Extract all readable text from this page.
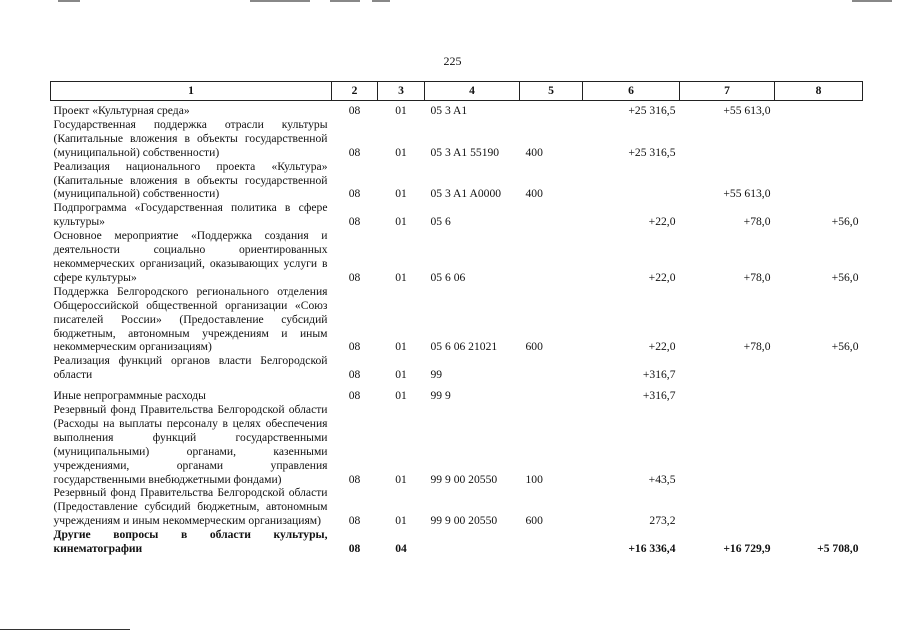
225
1	2	3	4	5	6	7	8
Проект «Культурная среда»	08	01	05 3 A1		+25 316,5	+55 613,0	
Государственная поддержка отрасли культуры (Капитальные вложения в объекты государственной (муниципальной) собственности)	08	01	05 3 A1 55190	400	+25 316,5		
Реализация национального проекта «Культура» (Капитальные вложения в объекты государственной (муниципальной) собственности)	08	01	05 3 A1 A0000	400		+55 613,0	
Подпрограмма «Государственная политика в сфере культуры»	08	01	05 6		+22,0	+78,0	+56,0
Основное мероприятие «Поддержка создания и деятельности социально ориентированных некоммерческих организаций, оказывающих услуги в сфере культуры»	08	01	05 6 06		+22,0	+78,0	+56,0
Поддержка Белгородского регионального отделения Общероссийской общественной организации «Союз писателей России» (Предоставление субсидий бюджетным, автономным учреждениям и иным некоммерческим организациям)	08	01	05 6 06 21021	600	+22,0	+78,0	+56,0
Реализация функций органов власти Белгородской области	08	01	99		+316,7		
Иные непрограммные расходы	08	01	99 9		+316,7		
Резервный фонд Правительства Белгородской области (Расходы на выплаты персоналу в целях обеспечения выполнения функций государственными (муниципальными) органами, казенными учреждениями, органами управления государственными внебюджетными фондами)	08	01	99 9 00 20550	100	+43,5		
Резервный фонд Правительства Белгородской области (Предоставление субсидий бюджетным, автономным учреждениям и иным некоммерческим организациям)	08	01	99 9 00 20550	600	273,2		
Другие вопросы в области культуры, кинематографии	08	04			+16 336,4	+16 729,9	+5 708,0
